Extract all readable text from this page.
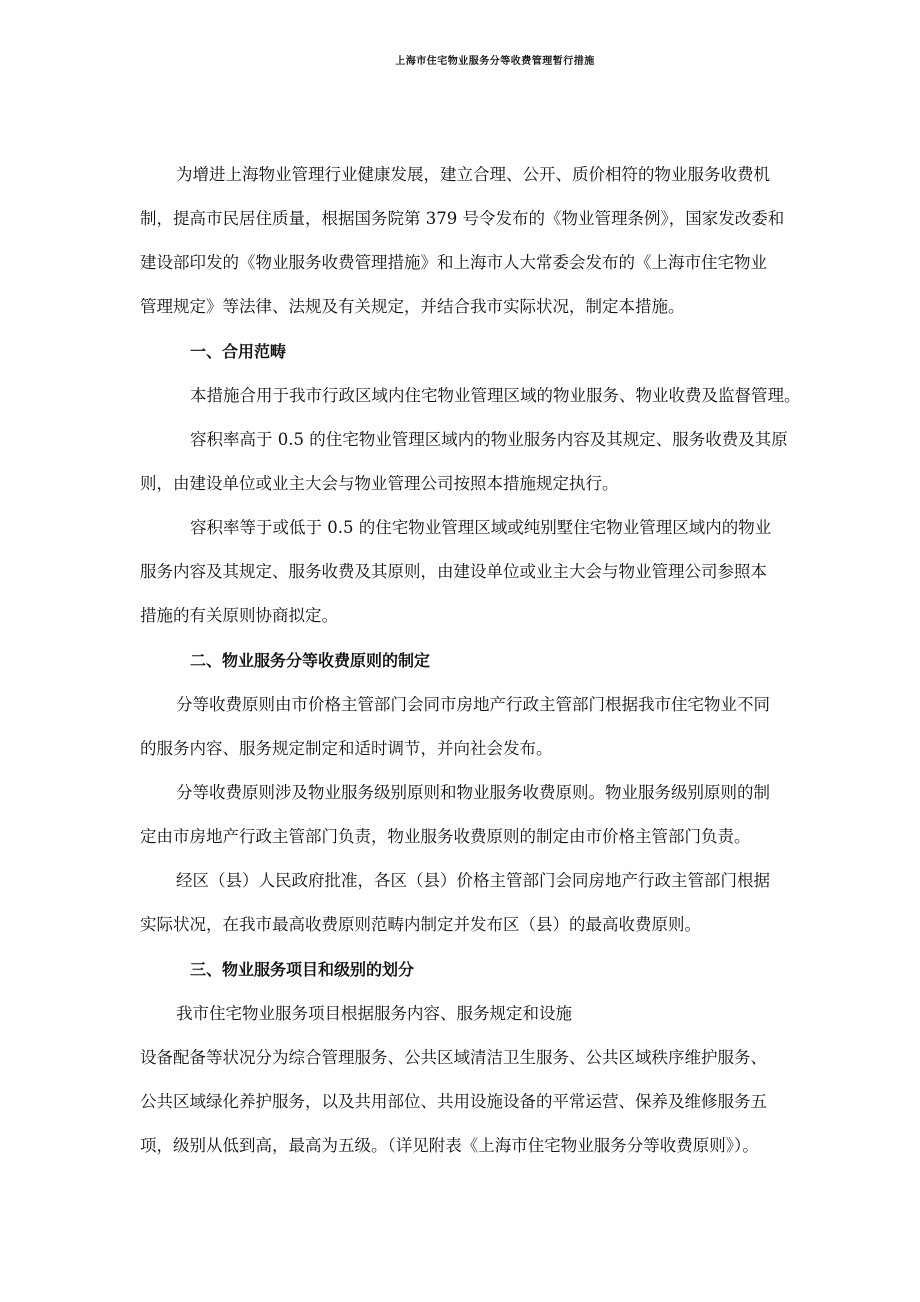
上海市住宅物业服务分等收费管理暂行措施
为增进上海物业管理行业健康发展，建立合理、公开、质价相符的物业服务收费机
制，提高市民居住质量，根据国务院第 379 号令发布的《物业管理条例》，国家发改委和
建设部印发的《物业服务收费管理措施》和上海市人大常委会发布的《上海市住宅物业
管理规定》等法律、法规及有关规定，并结合我市实际状况，制定本措施。
一、合用范畴
本措施合用于我市行政区域内住宅物业管理区域的物业服务、物业收费及监督管理。
容积率高于 0.5 的住宅物业管理区域内的物业服务内容及其规定、服务收费及其原
则，由建设单位或业主大会与物业管理公司按照本措施规定执行。
容积率等于或低于 0.5 的住宅物业管理区域或纯别墅住宅物业管理区域内的物业
服务内容及其规定、服务收费及其原则，由建设单位或业主大会与物业管理公司参照本
措施的有关原则协商拟定。
二、物业服务分等收费原则的制定
分等收费原则由市价格主管部门会同市房地产行政主管部门根据我市住宅物业不同
的服务内容、服务规定制定和适时调节，并向社会发布。
分等收费原则涉及物业服务级别原则和物业服务收费原则。物业服务级别原则的制
定由市房地产行政主管部门负责，物业服务收费原则的制定由市价格主管部门负责。
经区（县）人民政府批准，各区（县）价格主管部门会同房地产行政主管部门根据
实际状况，在我市最高收费原则范畴内制定并发布区（县）的最高收费原则。
三、物业服务项目和级别的划分
我市住宅物业服务项目根据服务内容、服务规定和设施
设备配备等状况分为综合管理服务、公共区域清洁卫生服务、公共区域秩序维护服务、
公共区域绿化养护服务，以及共用部位、共用设施设备的平常运营、保养及维修服务五
项，级别从低到高，最高为五级。（详见附表《上海市住宅物业服务分等收费原则》）。
